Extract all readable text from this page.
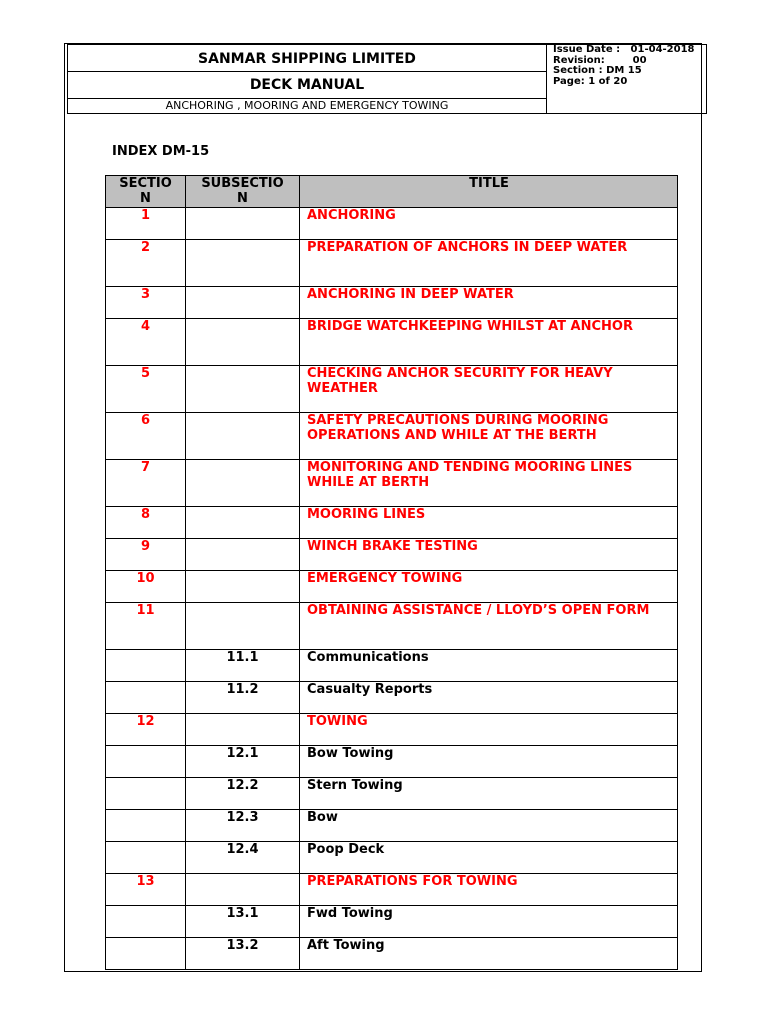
SANMAR SHIPPING LIMITED
DECK MANUAL
ANCHORING , MOORING AND EMERGENCY TOWING
Issue Date : 01-04-2018
Revision: 00
Section : DM 15
Page: 1 of 20
INDEX DM-15
SECTIO
N	SUBSECTIO
N	TITLE
1		ANCHORING
2		PREPARATION OF ANCHORS IN DEEP WATER
3		ANCHORING IN DEEP WATER
4		BRIDGE WATCHKEEPING WHILST AT ANCHOR
5		CHECKING ANCHOR SECURITY FOR HEAVY WEATHER
6		SAFETY PRECAUTIONS DURING MOORING OPERATIONS AND WHILE AT THE BERTH
7		MONITORING AND TENDING MOORING LINES WHILE AT BERTH
8		MOORING LINES
9		WINCH BRAKE TESTING
10		EMERGENCY TOWING
11		OBTAINING ASSISTANCE / LLOYD’S OPEN FORM
	11.1	Communications
	11.2	Casualty Reports
12		TOWING
	12.1	Bow Towing
	12.2	Stern Towing
	12.3	Bow
	12.4	Poop Deck
13		PREPARATIONS FOR TOWING
	13.1	Fwd Towing
	13.2	Aft Towing
